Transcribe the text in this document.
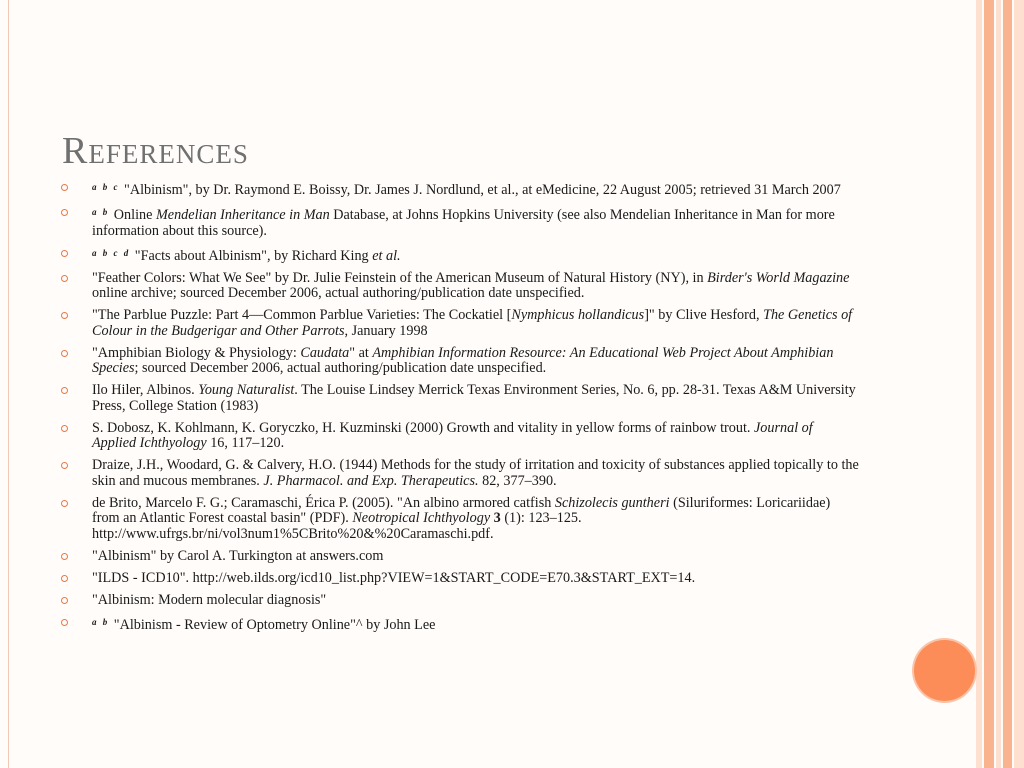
References
$^{a b c}$ "Albinism", by Dr. Raymond E. Boissy, Dr. James J. Nordlund, et al., at eMedicine, 22 August 2005; retrieved 31 March 2007
$^{a b}$ Online Mendelian Inheritance in Man Database, at Johns Hopkins University (see also Mendelian Inheritance in Man for more information about this source).
$^{a b c d}$ "Facts about Albinism", by Richard King et al.
"Feather Colors: What We See" by Dr. Julie Feinstein of the American Museum of Natural History (NY), in Birder's World Magazine online archive; sourced December 2006, actual authoring/publication date unspecified.
"The Parblue Puzzle: Part 4—Common Parblue Varieties: The Cockatiel [Nymphicus hollandicus]" by Clive Hesford, The Genetics of Colour in the Budgerigar and Other Parrots, January 1998
"Amphibian Biology & Physiology: Caudata" at Amphibian Information Resource: An Educational Web Project About Amphibian Species; sourced December 2006, actual authoring/publication date unspecified.
Ilo Hiler, Albinos. Young Naturalist. The Louise Lindsey Merrick Texas Environment Series, No. 6, pp. 28-31. Texas A&M University Press, College Station (1983)
S. Dobosz, K. Kohlmann, K. Goryczko, H. Kuzminski (2000) Growth and vitality in yellow forms of rainbow trout. Journal of Applied Ichthyology 16, 117–120.
Draize, J.H., Woodard, G. & Calvery, H.O. (1944) Methods for the study of irritation and toxicity of substances applied topically to the skin and mucous membranes. J. Pharmacol. and Exp. Therapeutics. 82, 377–390.
de Brito, Marcelo F. G.; Caramaschi, Érica P. (2005). "An albino armored catfish Schizolecis guntheri (Siluriformes: Loricariidae) from an Atlantic Forest coastal basin" (PDF). Neotropical Ichthyology 3 (1): 123–125. http://www.ufrgs.br/ni/vol3num1%5CBrito%20&%20Caramaschi.pdf.
"Albinism" by Carol A. Turkington at answers.com
"ILDS - ICD10". http://web.ilds.org/icd10_list.php?VIEW=1&START_CODE=E70.3&START_EXT=14.
"Albinism: Modern molecular diagnosis"
$^{a b}$ "Albinism - Review of Optometry Online"^ by John Lee
